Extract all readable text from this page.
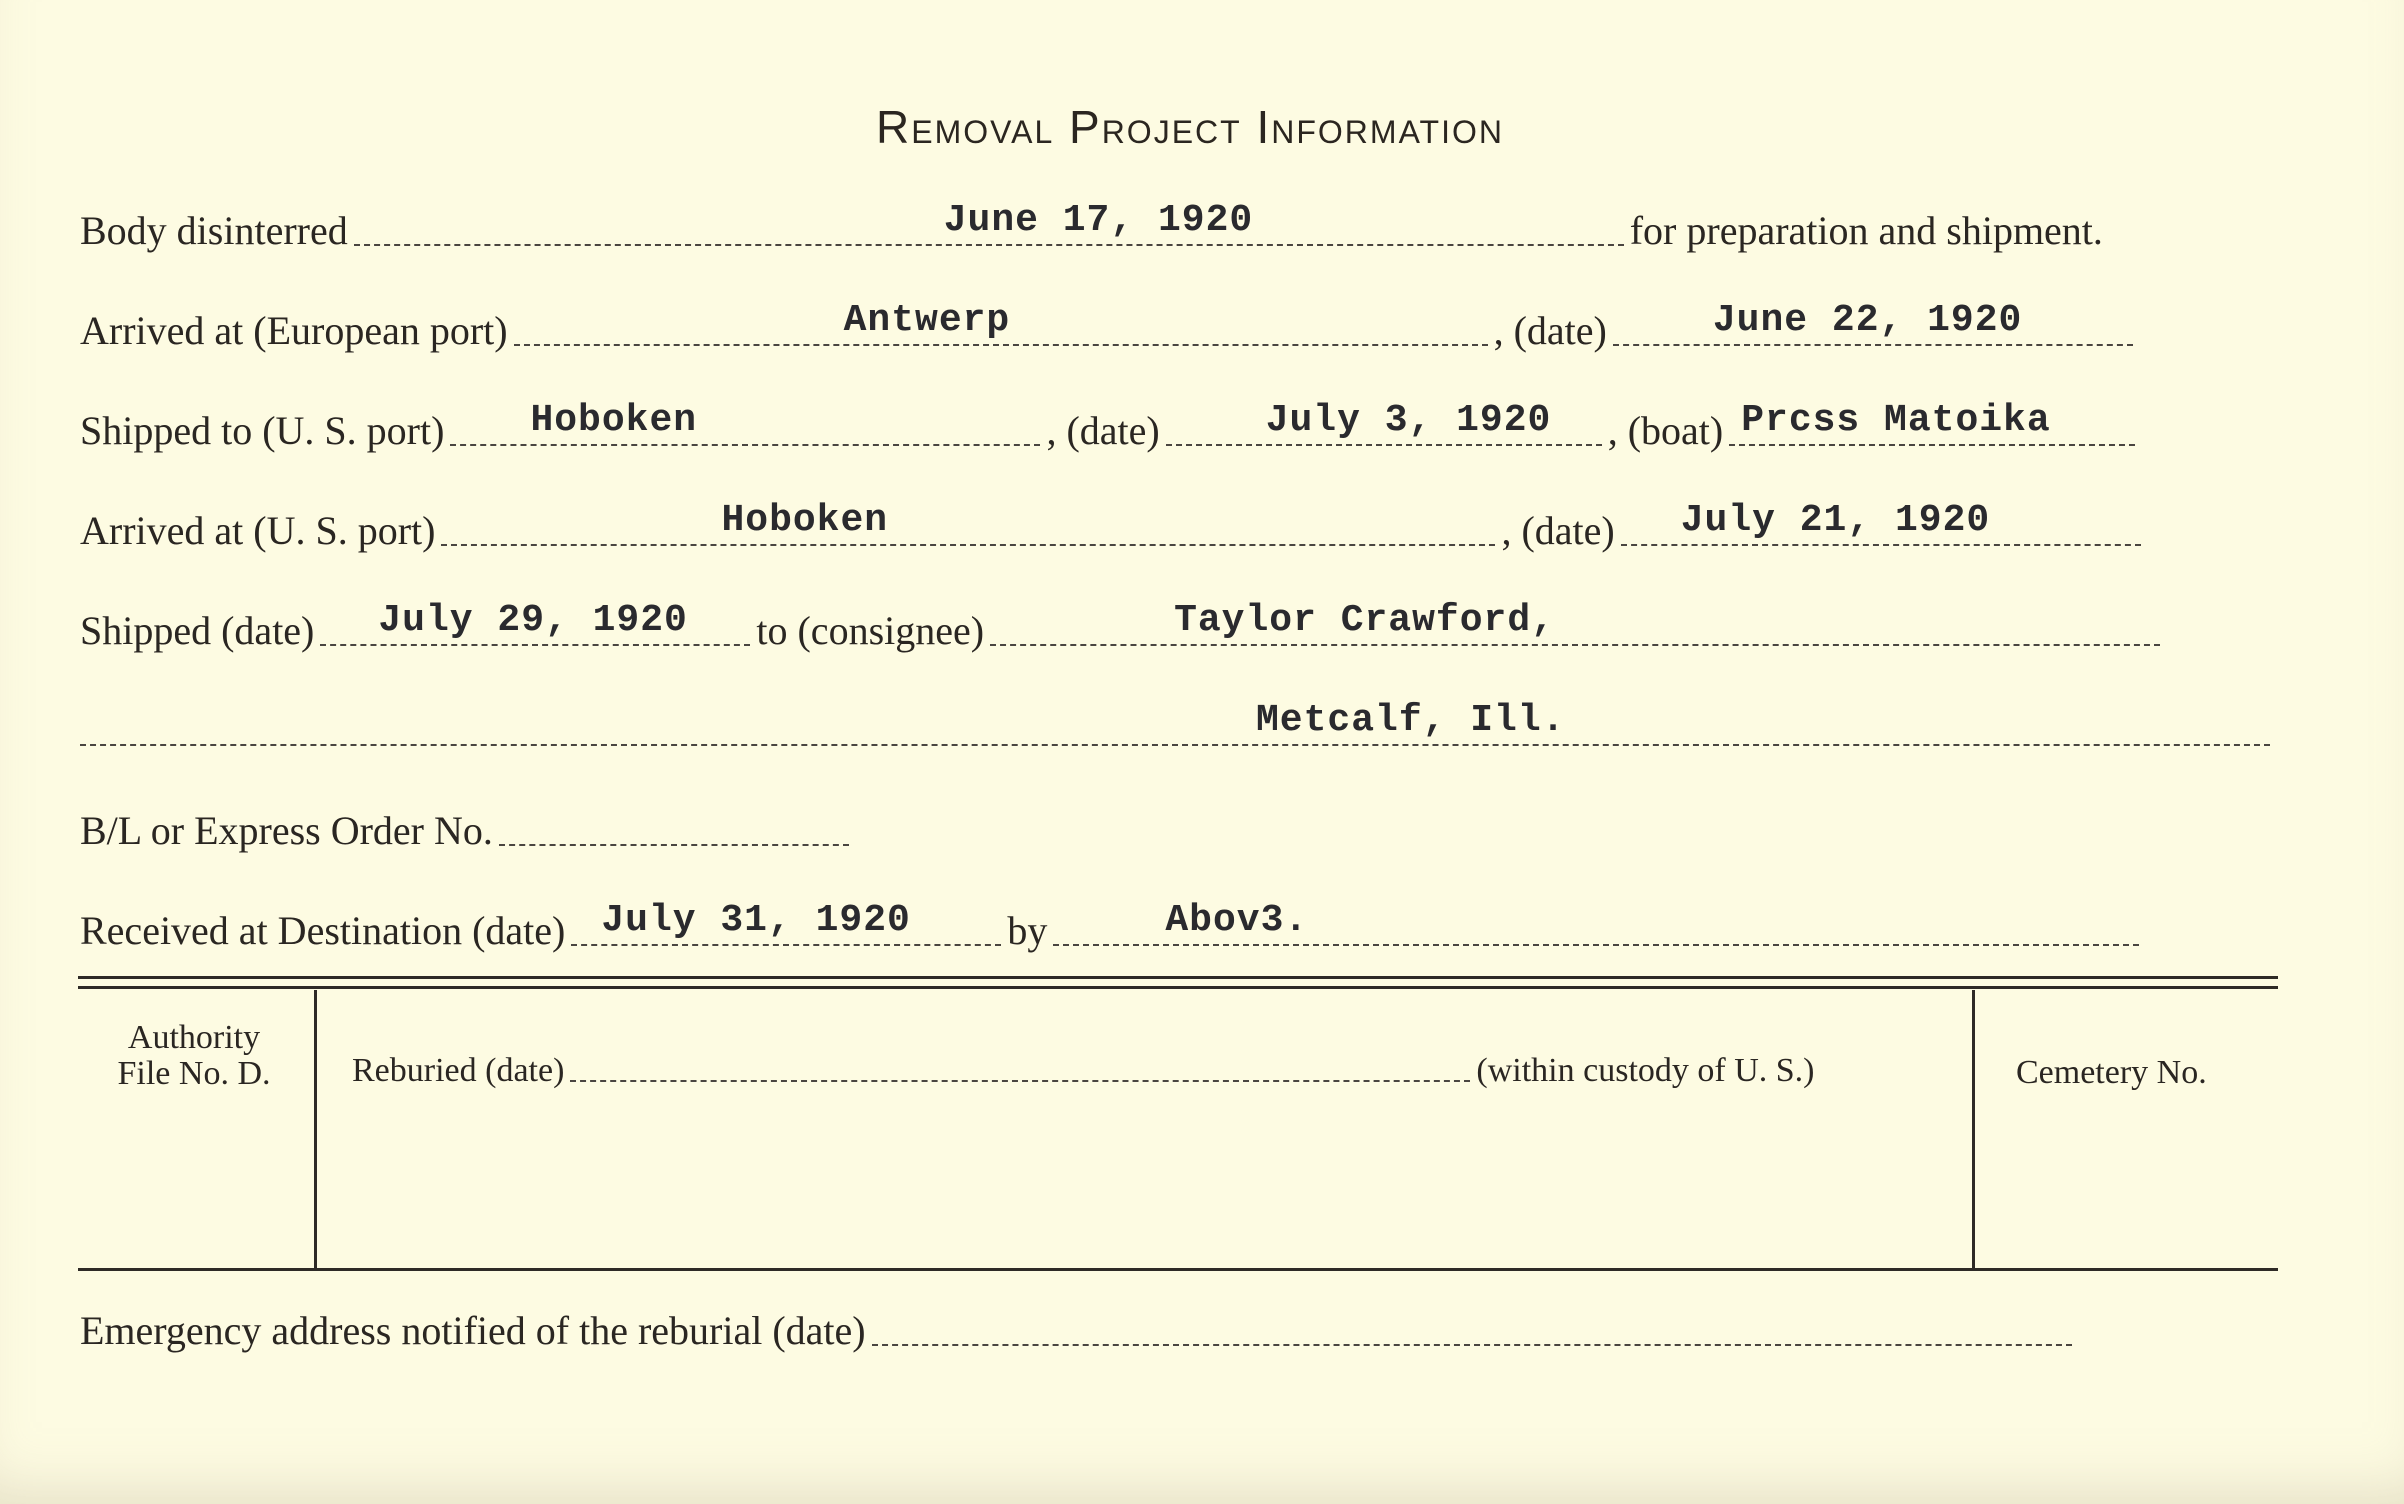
Removal Project Information
Body disinterred	June 17, 1920	for preparation and shipment.
Arrived at (European port)	Antwerp	, (date)	June 22, 1920
Shipped to (U. S. port) Hoboken	, (date)	July 3, 1920 , (boat) Prcss Matoika
Arrived at (U. S. port)	Hoboken	, (date) July 21, 1920
Shipped (date) July 29, 1920 to (consignee)	Taylor Crawford,
Metcalf, Ill.
B/L or Express Order No.
Received at Destination (date) July 31, 1920 by	Abov3.
Authority
File No. D.	Reburied (date)	(within custody of U. S.)	Cemetery No.
Emergency address notified of the reburial (date)
